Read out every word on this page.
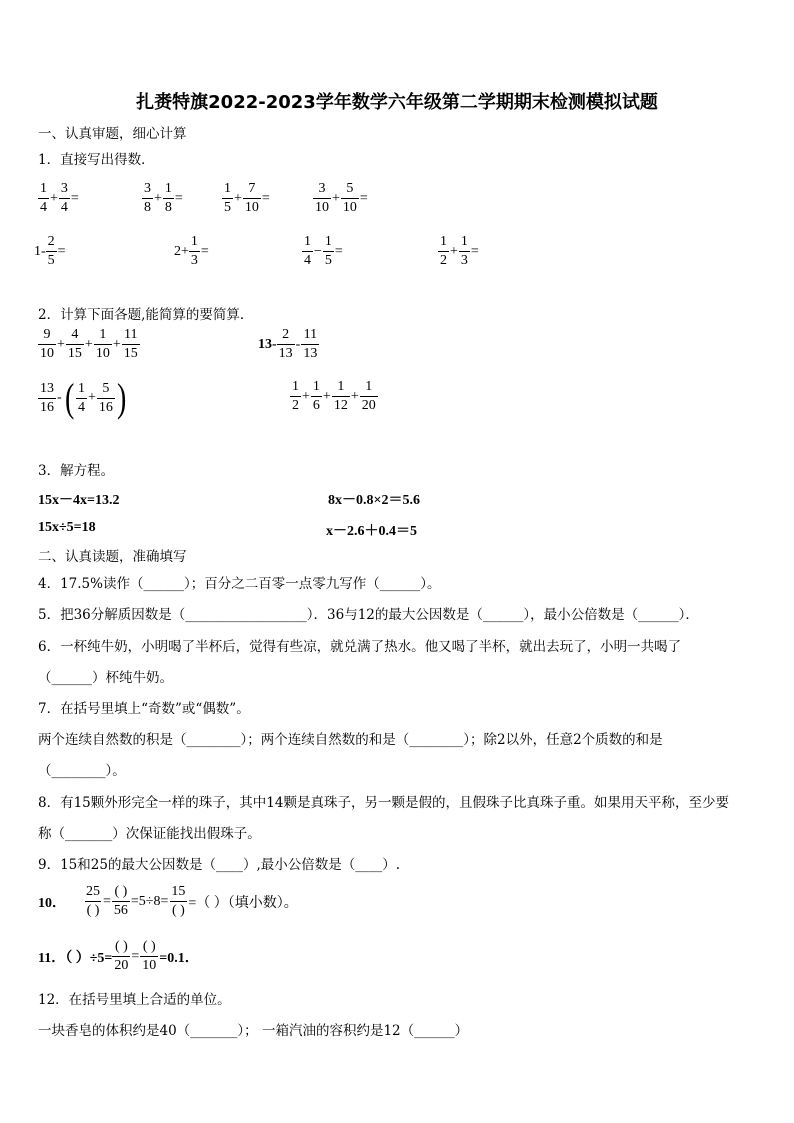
扎赉特旗2022-2023学年数学六年级第二学期期末检测模拟试题
一、认真审题，细心计算
1．直接写出得数．
1
4
+ $\frac{3}{4}$ =
3
8
+ $\frac{1}{8}$ =
1
5
+ $\frac{7}{10}$ =
3
10
+ $\frac{5}{10}$ =
$1- \frac{2}{5}$ =	$2+ \frac{1}{3}$ =
1
4
− $\frac{1}{5}$ =
1
2
+ $\frac{1}{3}$ =
2．计算下面各题,能简算的要简算．
9
10
+ $\frac{4}{15} + \frac{1}{10} + \frac{11}{15}$	13-
2
13
-
11
13
13
16
- ( 1
4
+ $\frac{5}{16}$ )	1
2
+ $\frac{1}{6} + \frac{1}{12} + \frac{1}{20}$
3．解方程。
15x－4x=13.2	8x－0.8×2＝5.6
15x÷5=18	x－2.6＋0.4＝5
二、认真读题，准确填写
4．17.5%读作（______）；百分之二百零一点零九写作（______）。
5．把36分解质因数是（__________________）．36与12的最大公因数是（______），最小公倍数是（______）．
6．一杯纯牛奶，小明喝了半杯后，觉得有些凉，就兑满了热水。他又喝了半杯，就出去玩了，小明一共喝了
（______）杯纯牛奶。
7．在括号里填上“奇数”或“偶数”。
两个连续自然数的积是（________）；两个连续自然数的和是（________）；除2以外，任意2个质数的和是
（________）。
8．有15颗外形完全一样的珠子，其中14颗是真珠子，另一颗是假的，且假珠子比真珠子重。如果用天平称，至少要
称（_______）次保证能找出假珠子。
9．15和25的最大公因数是（____）,最小公倍数是（____）.
10．
25
( )
=
( )
56
=5÷8=
15
( ) =（ ）（填小数）。
11．（ ）÷5=
( )
20
=
( )
10 =0.1．
12．在括号里填上合适的单位。
一块香皂的体积约是40（_______）； 一箱汽油的容积约是12（______）
